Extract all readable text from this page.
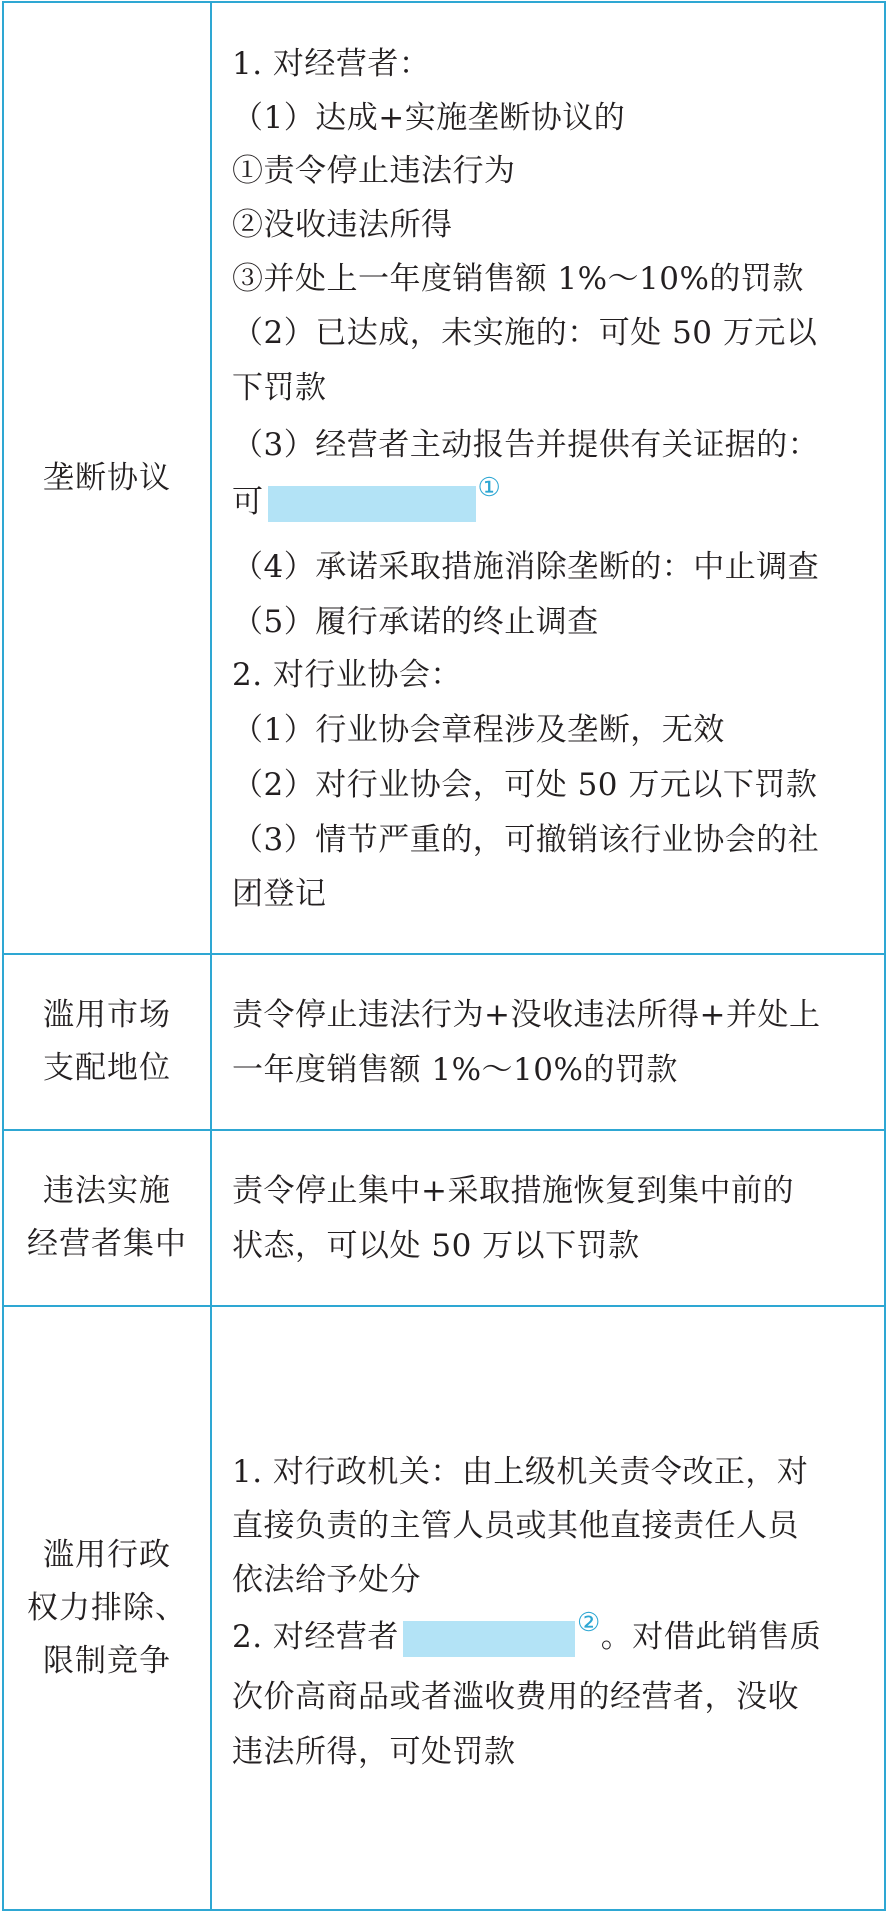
垄断协议
1. 对经营者：
（1）达成+实施垄断协议的
①责令停止违法行为
②没收违法所得
③并处上一年度销售额 1%～10%的罚款
（2）已达成，未实施的：可处 50 万元以
下罚款
（3）经营者主动报告并提供有关证据的：
可	①
（4）承诺采取措施消除垄断的：中止调查
（5）履行承诺的终止调查
2. 对行业协会：
（1）行业协会章程涉及垄断，无效
（2）对行业协会，可处 50 万元以下罚款
（3）情节严重的，可撤销该行业协会的社
团登记
滥用市场
支配地位
责令停止违法行为+没收违法所得+并处上
一年度销售额 1%～10%的罚款
违法实施
经营者集中
责令停止集中+采取措施恢复到集中前的
状态，可以处 50 万以下罚款
滥用行政
权力排除、
限制竞争
1. 对行政机关：由上级机关责令改正，对
直接负责的主管人员或其他直接责任人员
依法给予处分
2. 对经营者	②。对借此销售质
次价高商品或者滥收费用的经营者，没收
违法所得，可处罚款
